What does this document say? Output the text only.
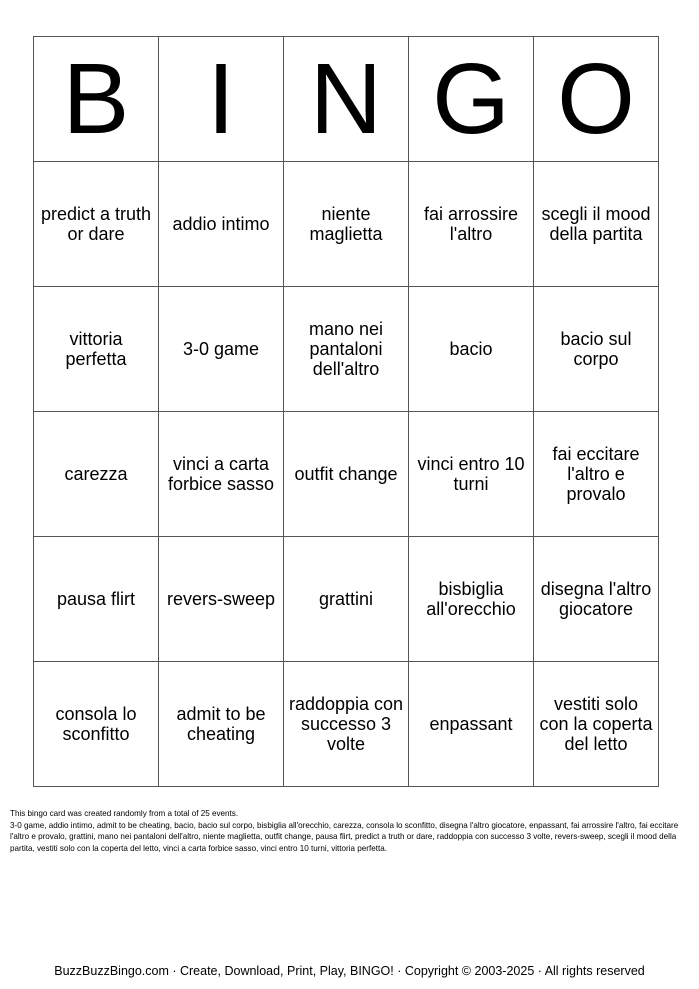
B	I	N	G	O
predict a truth or dare	addio intimo	niente maglietta	fai arrossire l'altro	scegli il mood della partita
vittoria perfetta	3-0 game	mano nei pantaloni dell'altro	bacio	bacio sul corpo
carezza	vinci a carta forbice sasso	outfit change	vinci entro 10 turni	fai eccitare l'altro e provalo
pausa flirt	revers-sweep	grattini	bisbiglia all'orecchio	disegna l'altro giocatore
consola lo sconfitto	admit to be cheating	raddoppia con successo 3 volte	enpassant	vestiti solo con la coperta del letto

This bingo card was created randomly from a total of 25 events.

3-0 game, addio intimo, admit to be cheating, bacio, bacio sul corpo, bisbiglia all'orecchio, carezza, consola lo sconfitto, disegna l'altro giocatore, enpassant, fai arrossire l'altro, fai eccitare l'altro e provalo, grattini, mano nei pantaloni dell'altro, niente maglietta, outfit change, pausa flirt, predict a truth or dare, raddoppia con successo 3 volte, revers-sweep, scegli il mood della partita, vestiti solo con la coperta del letto, vinci a carta forbice sasso, vinci entro 10 turni, vittoria perfetta.

BuzzBuzzBingo.com · Create, Download, Print, Play, BINGO! · Copyright © 2003-2025 · All rights reserved
